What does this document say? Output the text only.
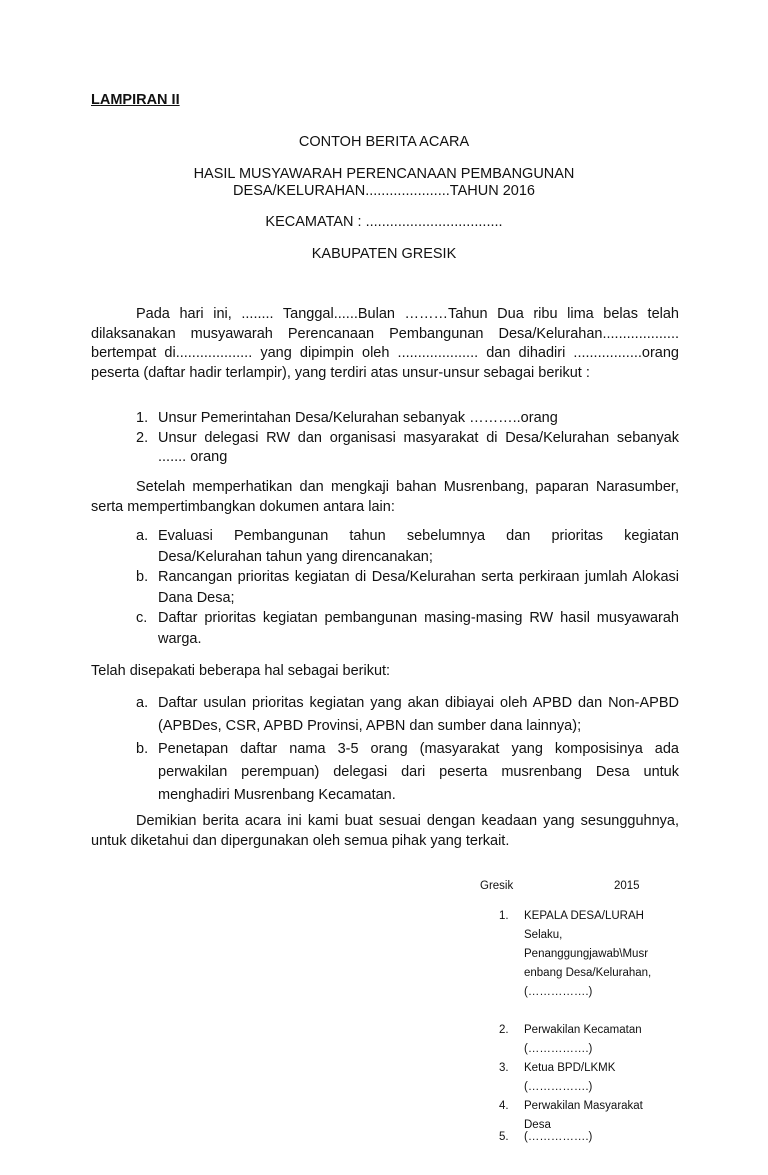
LAMPIRAN II
CONTOH BERITA ACARA
HASIL MUSYAWARAH PERENCANAAN PEMBANGUNAN
DESA/KELURAHAN.....................TAHUN 2016
KECAMATAN : ..................................
KABUPATEN GRESIK
Pada hari ini, ........ Tanggal......Bulan ………Tahun Dua ribu lima belas telah dilaksanakan musyawarah Perencanaan Pembangunan Desa/Kelurahan................... bertempat di................... yang dipimpin oleh .................... dan dihadiri .................orang peserta (daftar hadir terlampir), yang terdiri atas unsur-unsur sebagai berikut :
1. Unsur Pemerintahan Desa/Kelurahan sebanyak ………..orang
2. Unsur delegasi RW dan organisasi masyarakat di Desa/Kelurahan sebanyak ....... orang
Setelah memperhatikan dan mengkaji bahan Musrenbang, paparan Narasumber, serta mempertimbangkan dokumen antara lain:
a. Evaluasi Pembangunan tahun sebelumnya dan prioritas kegiatan Desa/Kelurahan tahun yang direncanakan;
b. Rancangan prioritas kegiatan di Desa/Kelurahan serta perkiraan jumlah Alokasi Dana Desa;
c. Daftar prioritas kegiatan pembangunan masing-masing RW hasil musyawarah warga.
Telah disepakati beberapa hal sebagai berikut:
a. Daftar usulan prioritas kegiatan yang akan dibiayai oleh APBD dan Non-APBD (APBDes, CSR, APBD Provinsi, APBN dan sumber dana lainnya);
b. Penetapan daftar nama 3-5 orang (masyarakat yang komposisinya ada perwakilan perempuan) delegasi dari peserta musrenbang Desa untuk menghadiri Musrenbang Kecamatan.
Demikian berita acara ini kami buat sesuai dengan keadaan yang sesungguhnya, untuk diketahui dan dipergunakan oleh semua pihak yang terkait.
Gresik	2015
1. KEPALA DESA/LURAH
Selaku,
Penanggungjawab\Musr
enbang Desa/Kelurahan,
(…………….)
2. Perwakilan Kecamatan
(…………….)
3. Ketua BPD/LKMK
(…………….)
4. Perwakilan Masyarakat
Desa
5. (…………….)
